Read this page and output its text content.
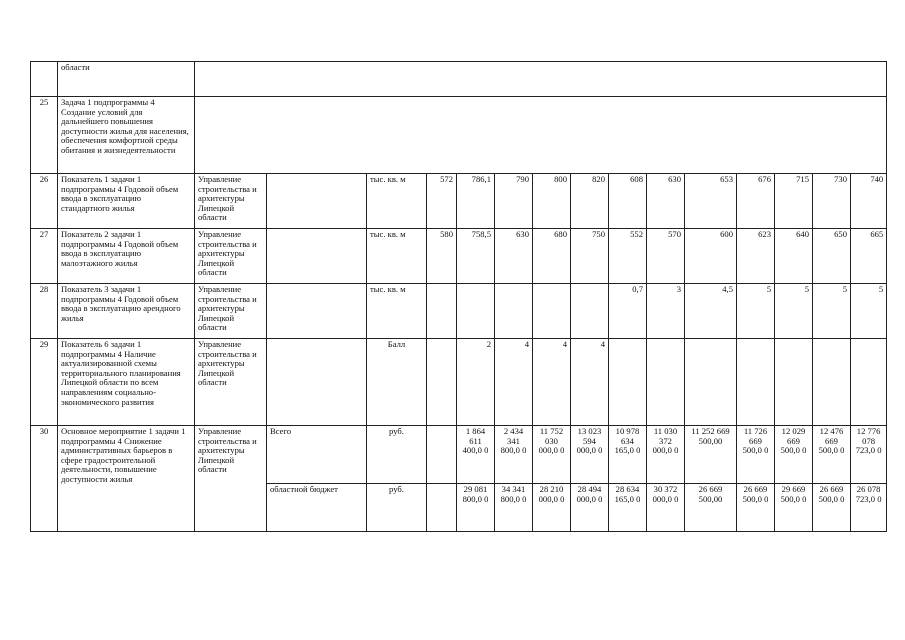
	области															
25	Задача 1 подпрограммы 4 Создание условий для дальнейшего повышения доступности жилья для населения, обеспечения комфортной среды обитания и жизнедеятельности															
26	Показатель 1 задачи 1 подпрограммы 4 Годовой объем ввода в эксплуатацию стандартного жилья	Управление строительства и архитектуры Липецкой области		тыс. кв. м	572	786,1	790	800	820	608	630	653	676	715	730	740
27	Показатель 2 задачи 1 подпрограммы 4 Годовой объем ввода в эксплуатацию малоэтажного жилья	Управление строительства и архитектуры Липецкой области		тыс. кв. м	580	758,5	630	680	750	552	570	600	623	640	650	665
28	Показатель 3 задачи 1 подпрограммы 4 Годовой объем ввода в эксплуатацию арендного жилья	Управление строительства и архитектуры Липецкой области		тыс. кв. м						0,7	3	4,5	5	5	5	5
29	Показатель 6 задачи 1 подпрограммы 4 Наличие актуализированной схемы территориального планирования Липецкой области по всем направлениям социально-экономического развития	Управление строительства и архитектуры Липецкой области		Балл		2	4	4	4							
30	Основное мероприятие 1 задачи 1 подпрограммы 4 Снижение административных барьеров в сфере градостроительной деятельности, повышение доступности жилья	Управление строительства и архитектуры Липецкой области	Всего	руб.		1 864 611 400,0 0	2 434 341 800,0 0	11 752 030 000,0 0	13 023 594 000,0 0	10 978 634 165,0 0	11 030 372 000,0 0	11 252 669 500,00	11 726 669 500,0 0	12 029 669 500,0 0	12 476 669 500,0 0	12 776 078 723,0 0
			областной бюджет	руб.		29 081 800,0 0	34 341 800,0 0	28 210 000,0 0	28 494 000,0 0	28 634 165,0 0	30 372 000,0 0	26 669 500,00	26 669 500,0 0	29 669 500,0 0	26 669 500,0 0	26 078 723,0 0
